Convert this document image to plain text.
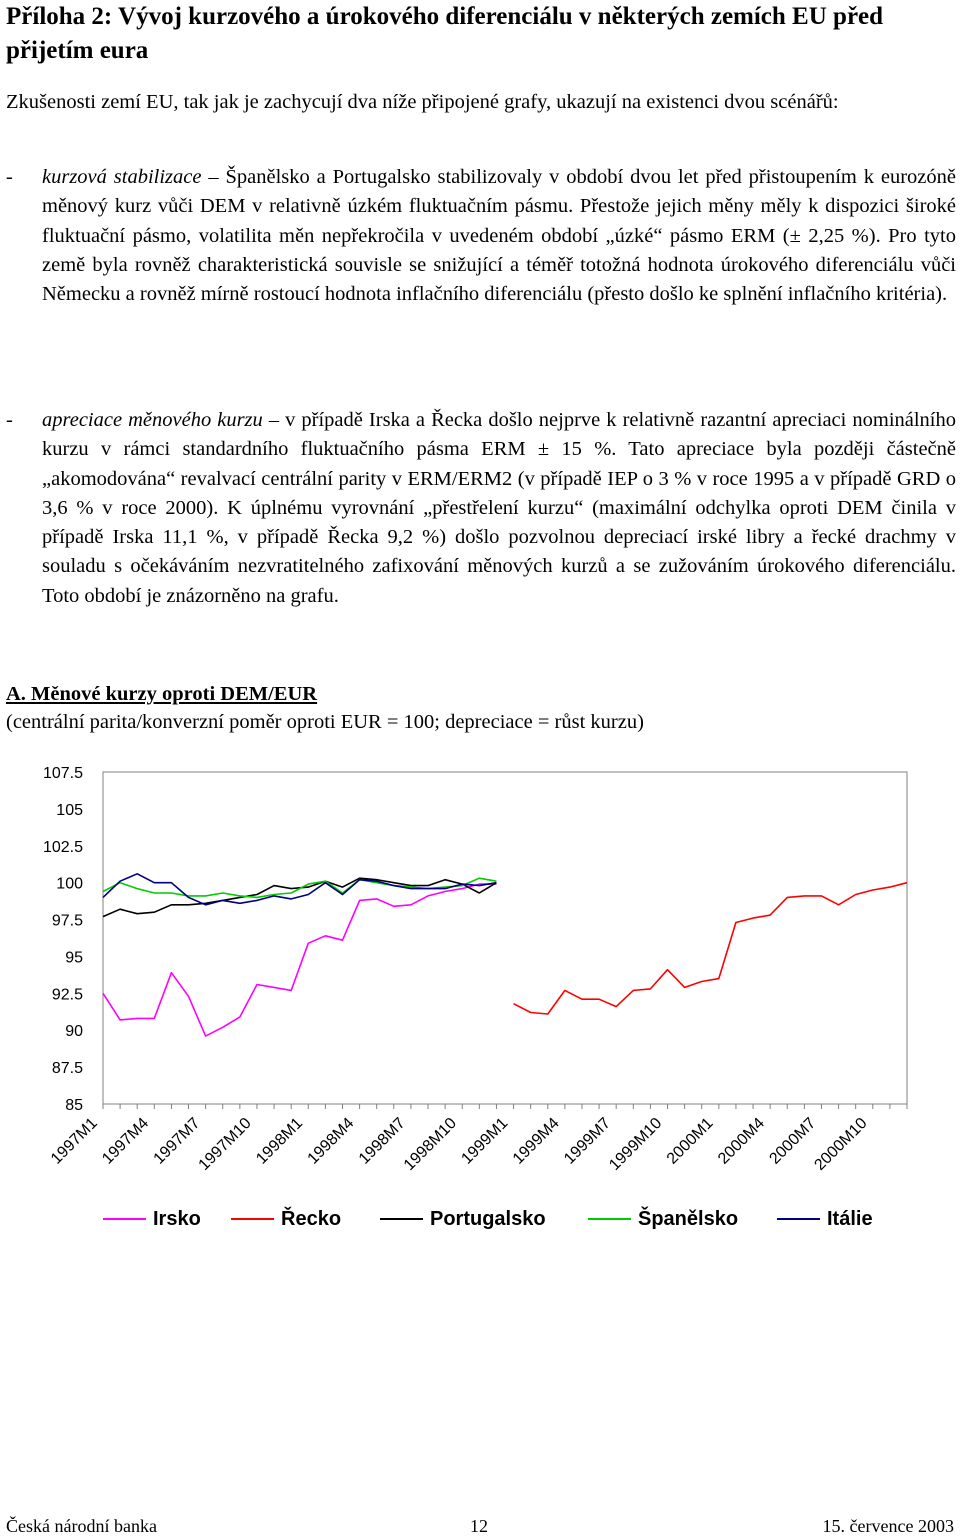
Příloha 2: Vývoj kurzového a úrokového diferenciálu v některých zemích EU před přijetím eura
Zkušenosti zemí EU, tak jak je zachycují dva níže připojené grafy, ukazují na existenci dvou scénářů:
- kurzová stabilizace – Španělsko a Portugalsko stabilizovaly v období dvou let před přistoupením k eurozóně měnový kurz vůči DEM v relativně úzkém fluktuačním pásmu. Přestože jejich měny měly k dispozici široké fluktuační pásmo, volatilita měn nepřekročila v uvedeném období „úzké“ pásmo ERM (± 2,25 %). Pro tyto země byla rovněž charakteristická souvisle se snižující a téměř totožná hodnota úrokového diferenciálu vůči Německu a rovněž mírně rostoucí hodnota inflačního diferenciálu (přesto došlo ke splnění inflačního kritéria).
- apreciace měnového kurzu – v případě Irska a Řecka došlo nejprve k relativně razantní apreciaci nominálního kurzu v rámci standardního fluktuačního pásma ERM ± 15 %. Tato apreciace byla později částečně „akomodována“ revalvací centrální parity v ERM/ERM2 (v případě IEP o 3 % v roce 1995 a v případě GRD o 3,6 % v roce 2000). K úplnému vyrovnání „přestřelení kurzu“ (maximální odchylka oproti DEM činila v případě Irska 11,1 %, v případě Řecka 9,2 %) došlo pozvolnou depreciací irské libry a řecké drachmy v souladu s očekáváním nezvratitelného zafixování měnových kurzů a se zužováním úrokového diferenciálu. Toto období je znázorněno na grafu.
A. Měnové kurzy oproti DEM/EUR
(centrální parita/konverzní poměr oproti EUR = 100; depreciace = růst kurzu)
107.5
105
102.5
100
97.5
95
92.5
90
87.5
85
1997M1
1997M4
1997M7
1997M10
1998M1
1998M4
1998M7
1998M10
1999M1
1999M4
1999M7
1999M10
2000M1
2000M4
2000M7
2000M10
Irsko	Řecko	Portugalsko	Španělsko	Itálie
Česká národní banka	12	15. července 2003
